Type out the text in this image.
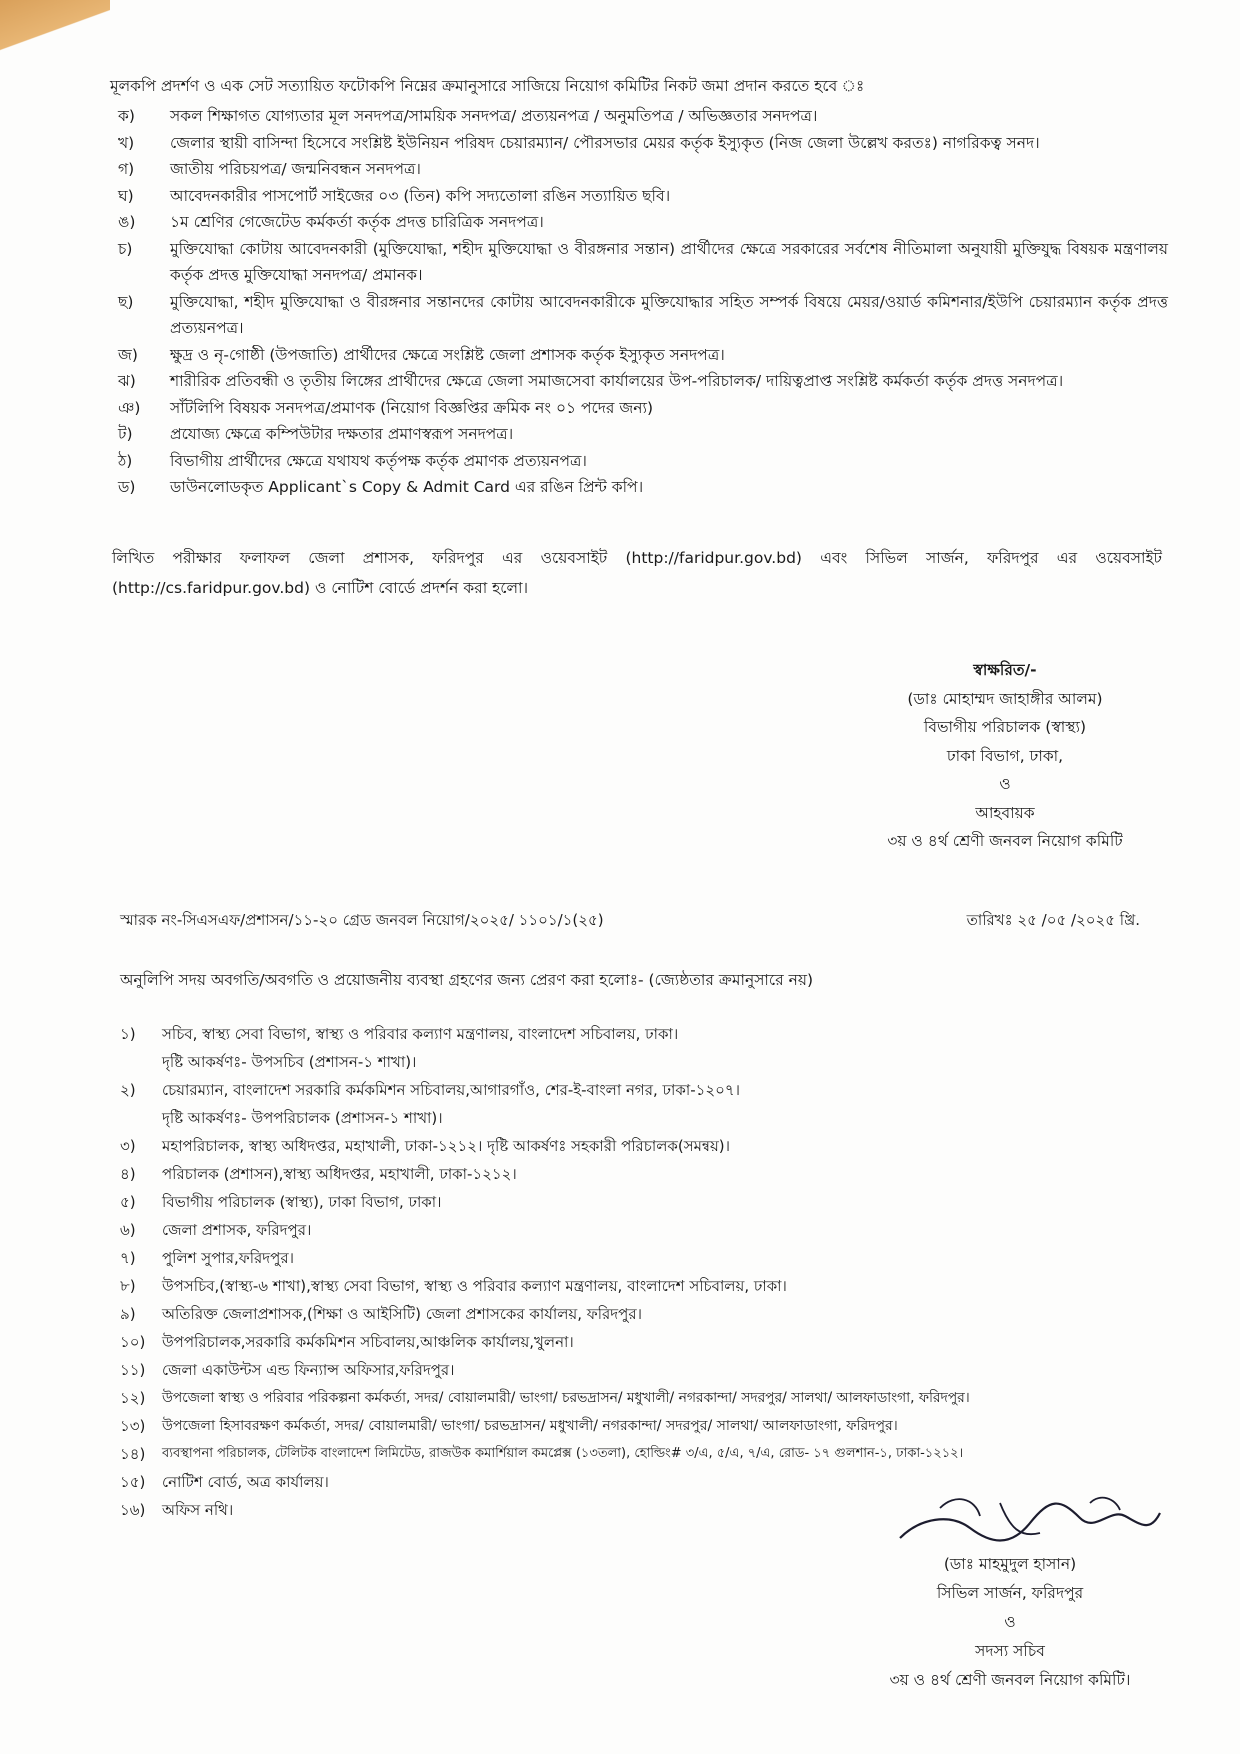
মূলকপি প্রদর্শণ ও এক সেট সত্যায়িত ফটোকপি নিম্নের ক্রমানুসারে সাজিয়ে নিয়োগ কমিটির নিকট জমা প্রদান করতে হবে ঃ
ক)	সকল শিক্ষাগত যোগ্যতার মূল সনদপত্র/সাময়িক সনদপত্র/ প্রত্যয়নপত্র / অনুমতিপত্র / অভিজ্ঞতার সনদপত্র।
খ)	জেলার স্থায়ী বাসিন্দা হিসেবে সংশ্লিষ্ট ইউনিয়ন পরিষদ চেয়ারম্যান/ পৌরসভার মেয়র কর্তৃক ইস্যুকৃত (নিজ জেলা উল্লেখ করতঃ) নাগরিকত্ব সনদ।
গ)	জাতীয় পরিচয়পত্র/ জন্মনিবন্ধন সনদপত্র।
ঘ)	আবেদনকারীর পাসপোর্ট সাইজের ০৩ (তিন) কপি সদ্যতোলা রঙিন সত্যায়িত ছবি।
ঙ)	১ম শ্রেণির গেজেটেড কর্মকর্তা কর্তৃক প্রদত্ত চারিত্রিক সনদপত্র।
চ)	মুক্তিযোদ্ধা কোটায় আবেদনকারী (মুক্তিযোদ্ধা, শহীদ মুক্তিযোদ্ধা ও বীরঙ্গনার সন্তান) প্রার্থীদের ক্ষেত্রে সরকারের সর্বশেষ নীতিমালা অনুযায়ী মুক্তিযুদ্ধ বিষয়ক মন্ত্রণালয় কর্তৃক প্রদত্ত মুক্তিযোদ্ধা সনদপত্র/ প্রমানক।
ছ)	মুক্তিযোদ্ধা, শহীদ মুক্তিযোদ্ধা ও বীরঙ্গনার সন্তানদের কোটায় আবেদনকারীকে মুক্তিযোদ্ধার সহিত সম্পর্ক বিষয়ে মেয়র/ওয়ার্ড কমিশনার/ইউপি চেয়ারম্যান কর্তৃক প্রদত্ত প্রত্যয়নপত্র।
জ)	ক্ষুদ্র ও নৃ-গোষ্ঠী (উপজাতি) প্রার্থীদের ক্ষেত্রে সংশ্লিষ্ট জেলা প্রশাসক কর্তৃক ইস্যুকৃত সনদপত্র।
ঝ)	শারীরিক প্রতিবন্ধী ও তৃতীয় লিঙ্গের প্রার্থীদের ক্ষেত্রে জেলা সমাজসেবা কার্যালয়ের উপ-পরিচালক/ দায়িত্বপ্রাপ্ত সংশ্লিষ্ট কর্মকর্তা কর্তৃক প্রদত্ত সনদপত্র।
ঞ)	সাঁটলিপি বিষয়ক সনদপত্র/প্রমাণক (নিয়োগ বিজ্ঞপ্তির ক্রমিক নং ০১ পদের জন্য)
ট)	প্রযোজ্য ক্ষেত্রে কম্পিউটার দক্ষতার প্রমাণস্বরূপ সনদপত্র।
ঠ)	বিভাগীয় প্রার্থীদের ক্ষেত্রে যথাযথ কর্তৃপক্ষ কর্তৃক প্রমাণক প্রত্যয়নপত্র।
ড)	ডাউনলোডকৃত Applicant`s Copy & Admit Card এর রঙিন প্রিন্ট কপি।
লিখিত পরীক্ষার ফলাফল জেলা প্রশাসক, ফরিদপুর এর ওয়েবসাইট (http://faridpur.gov.bd) এবং সিভিল সার্জন, ফরিদপুর এর ওয়েবসাইট (http://cs.faridpur.gov.bd) ও নোটিশ বোর্ডে প্রদর্শন করা হলো।
স্বাক্ষরিত/-
(ডাঃ মোহাম্মদ জাহাঙ্গীর আলম)
বিভাগীয় পরিচালক (স্বাস্থ্য)
ঢাকা বিভাগ, ঢাকা,
ও
আহবায়ক
৩য় ও ৪র্থ শ্রেণী জনবল নিয়োগ কমিটি
স্মারক নং-সিএসএফ/প্রশাসন/১১-২০ গ্রেড জনবল নিয়োগ/২০২৫/ ১১০১/১(২৫)	তারিখঃ ২৫ /০৫ /২০২৫ খ্রি.
অনুলিপি সদয় অবগতি/অবগতি ও প্রয়োজনীয় ব্যবস্থা গ্রহণের জন্য প্রেরণ করা হলোঃ- (জ্যেষ্ঠতার ক্রমানুসারে নয়)
১)	সচিব, স্বাস্থ্য সেবা বিভাগ, স্বাস্থ্য ও পরিবার কল্যাণ মন্ত্রণালয়, বাংলাদেশ সচিবালয়, ঢাকা।
দৃষ্টি আকর্ষণঃ- উপসচিব (প্রশাসন-১ শাখা)।
২)	চেয়ারম্যান, বাংলাদেশ সরকারি কর্মকমিশন সচিবালয়,আগারগাঁও, শের-ই-বাংলা নগর, ঢাকা-১২০৭।
দৃষ্টি আকর্ষণঃ- উপপরিচালক (প্রশাসন-১ শাখা)।
৩)	মহাপরিচালক, স্বাস্থ্য অধিদপ্তর, মহাখালী, ঢাকা-১২১২। দৃষ্টি আকর্ষণঃ সহকারী পরিচালক(সমন্বয়)।
৪)	পরিচালক (প্রশাসন),স্বাস্থ্য অধিদপ্তর, মহাখালী, ঢাকা-১২১২।
৫)	বিভাগীয় পরিচালক (স্বাস্থ্য), ঢাকা বিভাগ, ঢাকা।
৬)	জেলা প্রশাসক, ফরিদপুর।
৭)	পুলিশ সুপার,ফরিদপুর।
৮)	উপসচিব,(স্বাস্থ্য-৬ শাখা),স্বাস্থ্য সেবা বিভাগ, স্বাস্থ্য ও পরিবার কল্যাণ মন্ত্রণালয়, বাংলাদেশ সচিবালয়, ঢাকা।
৯)	অতিরিক্ত জেলাপ্রশাসক,(শিক্ষা ও আইসিটি) জেলা প্রশাসকের কার্যালয়, ফরিদপুর।
১০)	উপপরিচালক,সরকারি কর্মকমিশন সচিবালয়,আঞ্চলিক কার্যালয়,খুলনা।
১১)	জেলা একাউন্টস এন্ড ফিন্যান্স অফিসার,ফরিদপুর।
১২)	উপজেলা স্বাস্থ্য ও পরিবার পরিকল্পনা কর্মকর্তা, সদর/ বোয়ালমারী/ ভাংগা/ চরভদ্রাসন/ মধুখালী/ নগরকান্দা/ সদরপুর/ সালথা/ আলফাডাংগা, ফরিদপুর।
১৩)	উপজেলা হিসাবরক্ষণ কর্মকর্তা, সদর/ বোয়ালমারী/ ভাংগা/ চরভদ্রাসন/ মধুখালী/ নগরকান্দা/ সদরপুর/ সালথা/ আলফাডাংগা, ফরিদপুর।
১৪)	ব্যবস্থাপনা পরিচালক, টেলিটক বাংলাদেশ লিমিটেড, রাজউক কমার্শিয়াল কমপ্লেক্স (১৩তলা), হোল্ডিং# ৩/এ, ৫/এ, ৭/এ, রোড- ১৭ গুলশান-১, ঢাকা-১২১২।
১৫)	নোটিশ বোর্ড, অত্র কার্যালয়।
১৬)	অফিস নথি।
(ডাঃ মাহমুদুল হাসান)
সিভিল সার্জন, ফরিদপুর
ও
সদস্য সচিব
৩য় ও ৪র্থ শ্রেণী জনবল নিয়োগ কমিটি।
